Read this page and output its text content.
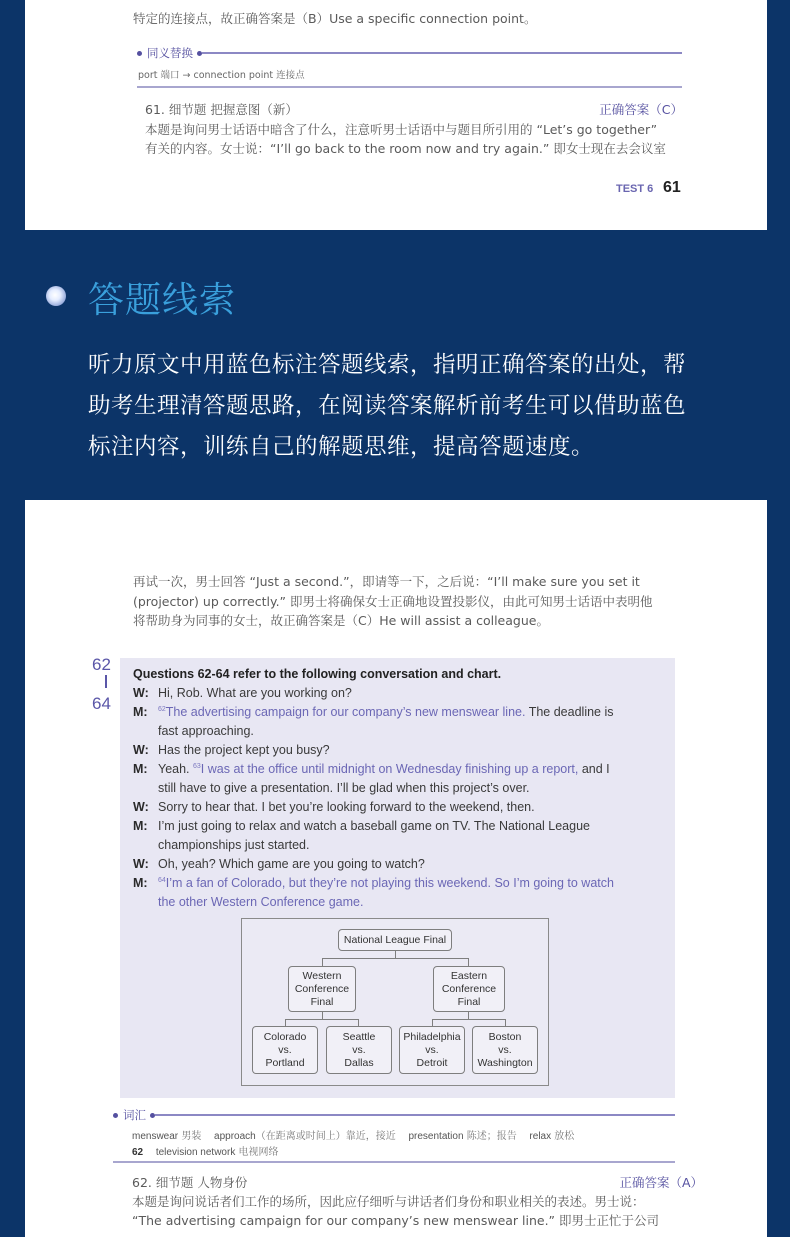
特定的连接点，故正确答案是（B）Use a specific connection point。
同义替换
port 端口 → connection point 连接点
61. 细节题 把握意图（新）	正确答案（C）
本题是询问男士话语中暗含了什么，注意听男士话语中与题目所引用的 “Let’s go together”
有关的内容。女士说：“I’ll go back to the room now and try again.” 即女士现在去会议室
TEST 6 61
答题线索
听力原文中用蓝色标注答题线索，指明正确答案的出处，帮
助考生理清答题思路，在阅读答案解析前考生可以借助蓝色
标注内容，训练自己的解题思维，提高答题速度。
再试一次，男士回答 “Just a second.”，即请等一下，之后说：“I’ll make sure you set it
(projector) up correctly.” 即男士将确保女士正确地设置投影仪，由此可知男士话语中表明他
将帮助身为同事的女士，故正确答案是（C）He will assist a colleague。
62
64
Questions 62-64 refer to the following conversation and chart.
W: Hi, Rob. What are you working on?
M: $^{62}$The advertising campaign for our company’s new menswear line. The deadline is
fast approaching.
W: Has the project kept you busy?
M: Yeah. $^{63}$I was at the office until midnight on Wednesday finishing up a report, and I
still have to give a presentation. I’ll be glad when this project’s over.
W: Sorry to hear that. I bet you’re looking forward to the weekend, then.
M: I’m just going to relax and watch a baseball game on TV. The National League
championships just started.
W: Oh, yeah? Which game are you going to watch?
M: $^{64}$I’m a fan of Colorado, but they’re not playing this weekend. So I’m going to watch
the other Western Conference game.
National League Final
Western
Conference
Final
Eastern
Conference
Final
Colorado
vs.
Portland
Seattle
vs.
Dallas
Philadelphia
vs.
Detroit
Boston
vs.
Washington
词汇
menswear 男装 approach（在距离或时间上）靠近，接近 presentation 陈述；报告 relax 放松
62 television network 电视网络
62. 细节题 人物身份	正确答案（A）
本题是询问说话者们工作的场所，因此应仔细听与讲话者们身份和职业相关的表述。男士说：
“The advertising campaign for our company’s new menswear line.” 即男士正忙于公司
